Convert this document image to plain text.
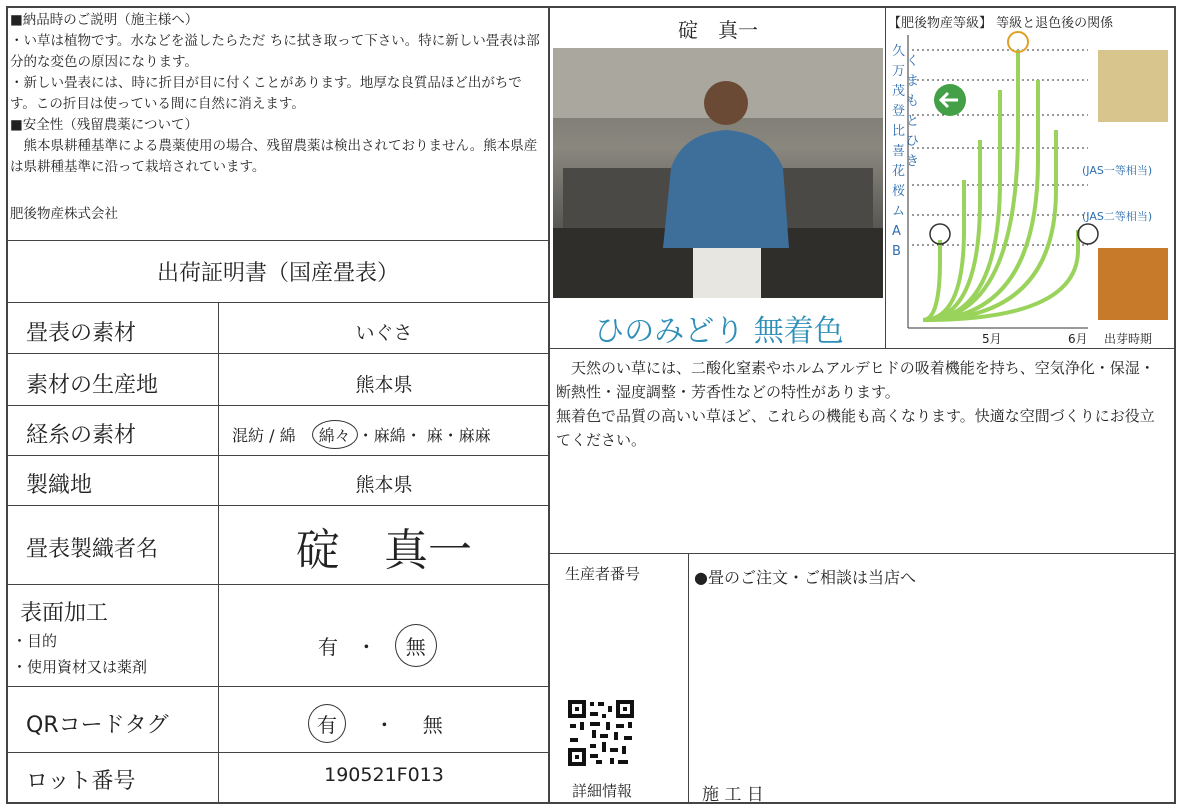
■納品時のご説明（施主様へ）

・い草は植物です。水などを溢したらただ ちに拭き取って下さい。特に新しい畳表は部分的な変色の原因になります。

・新しい畳表には、時に折目が目に付くことがあります。地厚な良質品ほど出がちです。この折目は使っている間に自然に消えます。

■安全性（残留農薬について）

　熊本県耕種基準による農薬使用の場合、残留農薬は検出されておりません。熊本県産は県耕種基準に沿って栽培されています。

肥後物産株式会社

出荷証明書（国産畳表）
畳表の素材	いぐさ
素材の生産地	熊本県
経糸の素材	混紡 / 綿　綿々 ・麻綿・ 麻・麻麻
製織地	熊本県
畳表製織者名	碇　真一
表面加工
・目的
・使用資材又は薬剤
有 ・ 無
QRコードタグ	有 ・ 無
ロット番号	190521F013
碇　真一
ひのみどり 無着色
【肥後物産等級】 等級と退色後の関係
久
万
茂
登
比
喜
花
桜
ム
A
B
く
ま
も
と
ひ
き
(JAS一等相当)
(JAS二等相当)
5月	6月 出芽時期
　天然のい草には、二酸化窒素やホルムアルデヒドの吸着機能を持ち、空気浄化・保湿・断熱性・湿度調整・芳香性などの特性があります。
無着色で品質の高いい草ほど、これらの機能も高くなります。快適な空間づくりにお役立てください。
生産者番号	●畳のご注文・ご相談は当店へ
詳細情報	施 工 日
